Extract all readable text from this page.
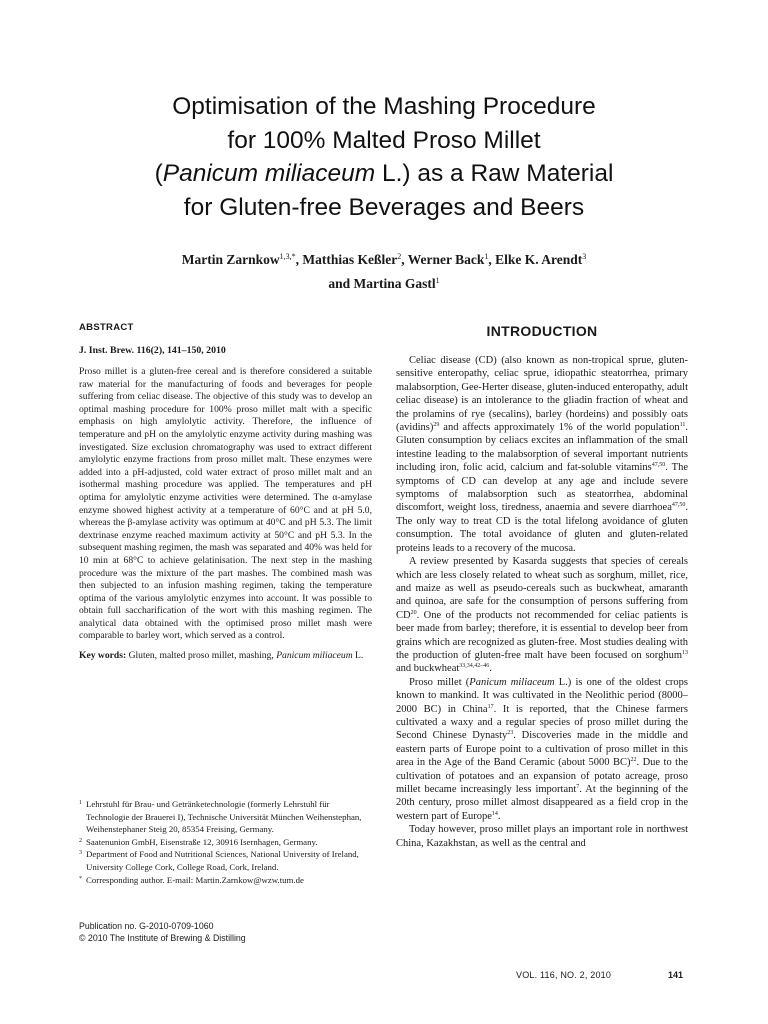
Optimisation of the Mashing Procedure
for 100% Malted Proso Millet
(Panicum miliaceum L.) as a Raw Material
for Gluten-free Beverages and Beers
Martin Zarnkow$^{1,3,*}$, Matthias Keßler$^2$, Werner Back$^1$, Elke K. Arendt$^3$
and Martina Gastl$^1$
ABSTRACT
J. Inst. Brew. 116(2), 141–150, 2010

Proso millet is a gluten-free cereal and is therefore considered a suitable raw material for the manufacturing of foods and beverages for people suffering from celiac disease. The objective of this study was to develop an optimal mashing procedure for 100% proso millet malt with a specific emphasis on high amylolytic activity. Therefore, the influence of temperature and pH on the amylolytic enzyme activity during mashing was investigated. Size exclusion chromatography was used to extract different amylolytic enzyme fractions from proso millet malt. These enzymes were added into a pH-adjusted, cold water extract of proso millet malt and an isothermal mashing procedure was applied. The temperatures and pH optima for amylolytic enzyme activities were determined. The α-amylase enzyme showed highest activity at a temperature of 60°C and at pH 5.0, whereas the β-amylase activity was optimum at 40°C and pH 5.3. The limit dextrinase enzyme reached maximum activity at 50°C and pH 5.3. In the subsequent mashing regimen, the mash was separated and 40% was held for 10 min at 68°C to achieve gelatinisation. The next step in the mashing procedure was the mixture of the part mashes. The combined mash was then subjected to an infusion mashing regimen, taking the temperature optima of the various amylolytic enzymes into account. It was possible to obtain full saccharification of the wort with this mashing regimen. The analytical data obtained with the optimised proso millet mash were comparable to barley wort, which served as a control.

Key words: Gluten, malted proso millet, mashing, Panicum miliaceum L.

1 Lehrstuhl für Brau- und Getränketechnologie (formerly Lehrstuhl für Technologie der Brauerei I), Technische Universität München Weihenstephan, Weihenstephaner Steig 20, 85354 Freising, Germany.
2 Saatenunion GmbH, Eisenstraße 12, 30916 Isernhagen, Germany.
3 Department of Food and Nutritional Sciences, National University of Ireland, University College Cork, College Road, Cork, Ireland.
* Corresponding author. E-mail: Martin.Zarnkow@wzw.tum.de
Publication no. G-2010-0709-1060
© 2010 The Institute of Brewing & Distilling
INTRODUCTION

Celiac disease (CD) (also known as non-tropical sprue, gluten-sensitive enteropathy, celiac sprue, idiopathic steatorrhea, primary malabsorption, Gee-Herter disease, gluten-induced enteropathy, adult celiac disease) is an intolerance to the gliadin fraction of wheat and the prolamins of rye (secalins), barley (hordeins) and possibly oats (avidins)$^{29}$ and affects approximately 1% of the world population$^{11}$. Gluten consumption by celiacs excites an inflammation of the small intestine leading to the malabsorption of several important nutrients including iron, folic acid, calcium and fat-soluble vitamins$^{47,50}$. The symptoms of CD can develop at any age and include severe symptoms of malabsorption such as steatorrhea, abdominal discomfort, weight loss, tiredness, anaemia and severe diarrhoea$^{47,50}$. The only way to treat CD is the total lifelong avoidance of gluten consumption. The total avoidance of gluten and gluten-related proteins leads to a recovery of the mucosa.

A review presented by Kasarda suggests that species of cereals which are less closely related to wheat such as sorghum, millet, rice, and maize as well as pseudo-cereals such as buckwheat, amaranth and quinoa, are safe for the consumption of persons suffering from CD$^{20}$. One of the products not recommended for celiac patients is beer made from barley; therefore, it is essential to develop beer from grains which are recognized as gluten-free. Most studies dealing with the production of gluten-free malt have been focused on sorghum$^{13}$ and buckwheat$^{33,34,42-46}$.

Proso millet (Panicum miliaceum L.) is one of the oldest crops known to mankind. It was cultivated in the Neolithic period (8000–2000 BC) in China$^{17}$. It is reported, that the Chinese farmers cultivated a waxy and a regular species of proso millet during the Second Chinese Dynasty$^{23}$. Discoveries made in the middle and eastern parts of Europe point to a cultivation of proso millet in this area in the Age of the Band Ceramic (about 5000 BC)$^{22}$. Due to the cultivation of potatoes and an expansion of potato acreage, proso millet became increasingly less important$^7$. At the beginning of the 20th century, proso millet almost disappeared as a field crop in the western part of Europe$^{14}$.

Today however, proso millet plays an important role in northwest China, Kazakhstan, as well as the central and

VOL. 116, NO. 2, 2010	141
